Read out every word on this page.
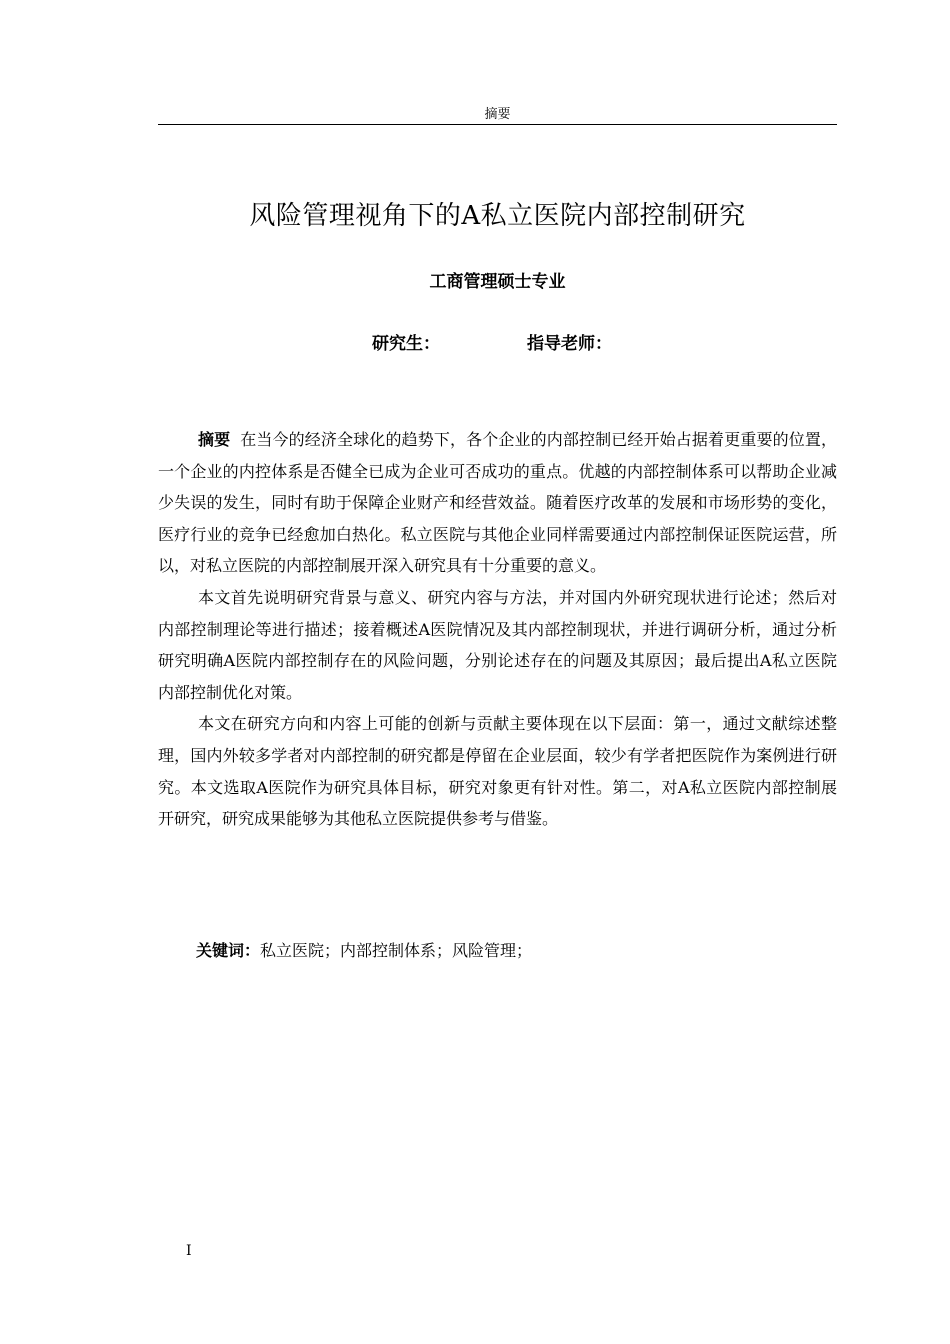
摘要
风险管理视角下的A私立医院内部控制研究
工商管理硕士专业
研究生：	指导老师：

摘要 在当今的经济全球化的趋势下，各个企业的内部控制已经开始占据着更重要的位置，一个企业的内控体系是否健全已成为企业可否成功的重点。优越的内部控制体系可以帮助企业减少失误的发生，同时有助于保障企业财产和经营效益。随着医疗改革的发展和市场形势的变化，医疗行业的竞争已经愈加白热化。私立医院与其他企业同样需要通过内部控制保证医院运营，所以，对私立医院的内部控制展开深入研究具有十分重要的意义。

本文首先说明研究背景与意义、研究内容与方法，并对国内外研究现状进行论述；然后对内部控制理论等进行描述；接着概述A医院情况及其内部控制现状，并进行调研分析，通过分析研究明确A医院内部控制存在的风险问题，分别论述存在的问题及其原因；最后提出A私立医院内部控制优化对策。

本文在研究方向和内容上可能的创新与贡献主要体现在以下层面：第一，通过文献综述整理，国内外较多学者对内部控制的研究都是停留在企业层面，较少有学者把医院作为案例进行研究。本文选取A医院作为研究具体目标，研究对象更有针对性。第二，对A私立医院内部控制展开研究，研究成果能够为其他私立医院提供参考与借鉴。

关键词：私立医院；内部控制体系；风险管理；
I
